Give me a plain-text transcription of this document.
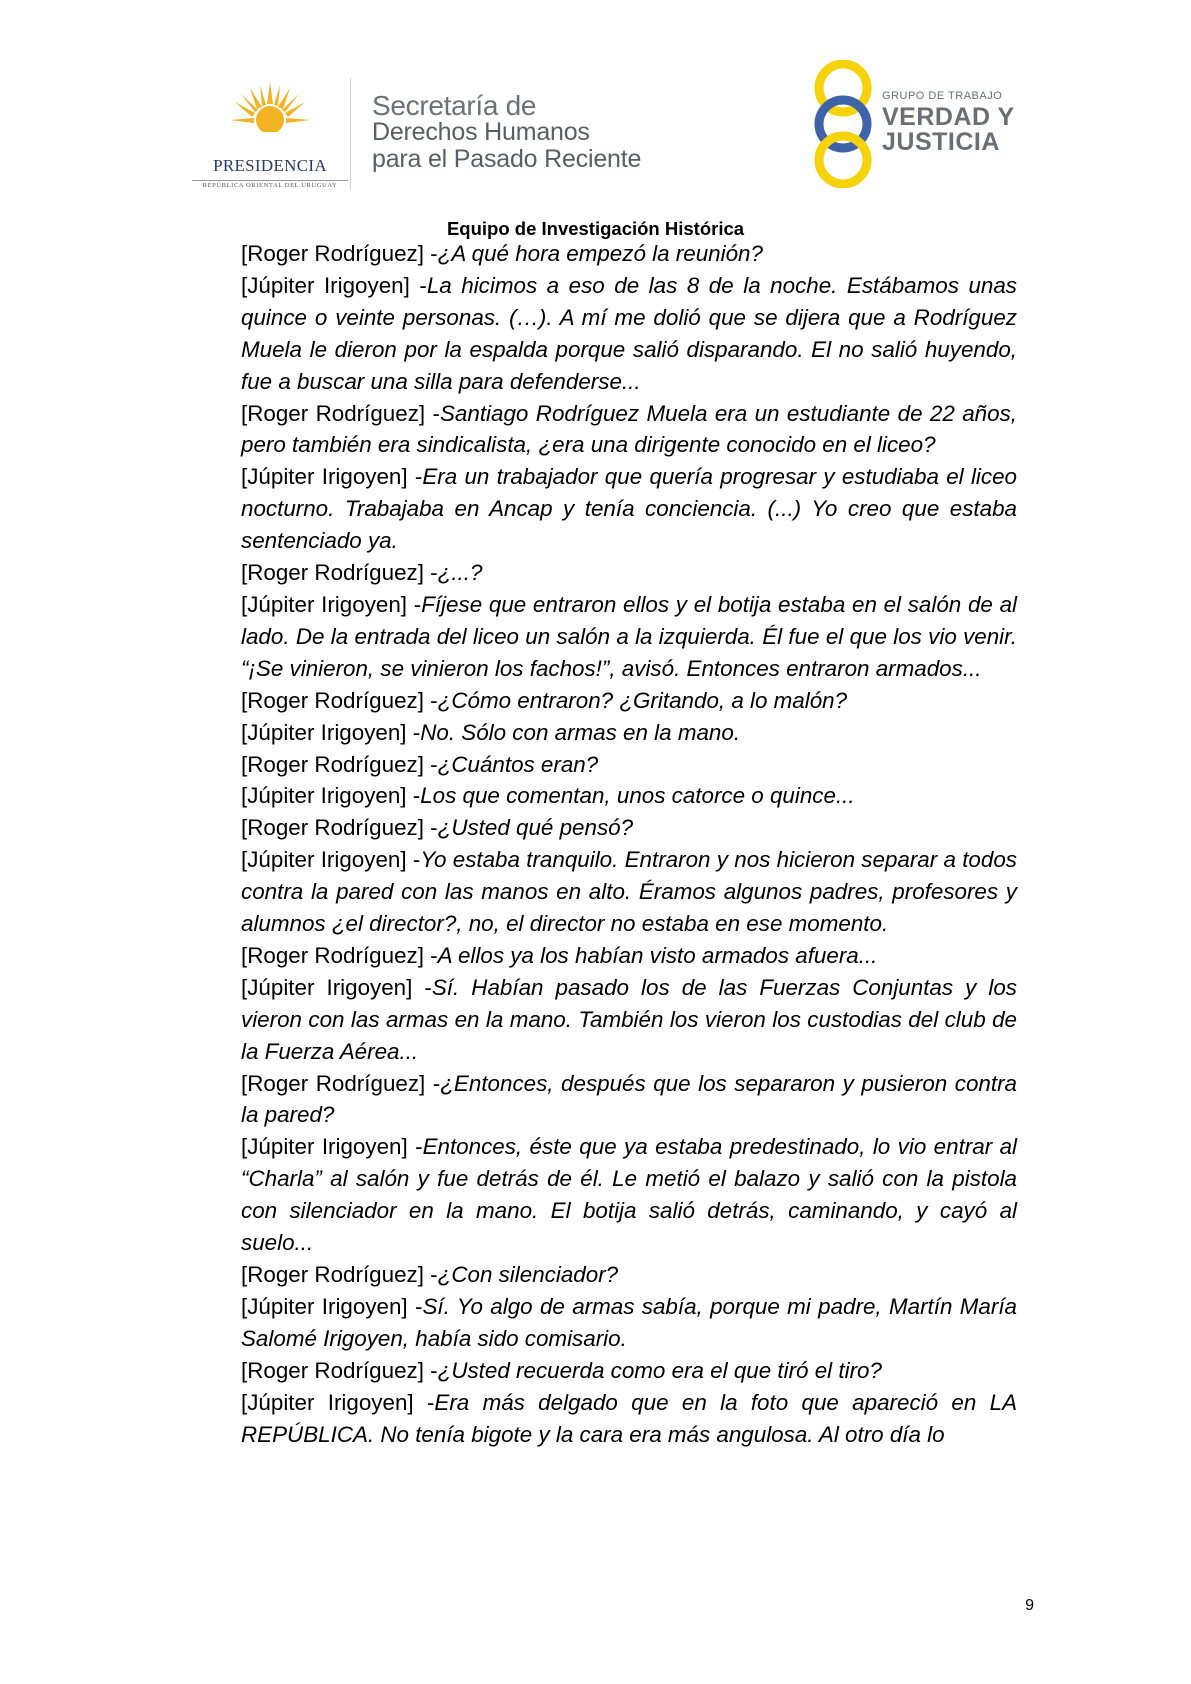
PRESIDENCIA
REPÚBLICA ORIENTAL DEL URUGUAY
Secretaría de
Derechos Humanos
para el Pasado Reciente
GRUPO DE TRABAJO
VERDAD Y
JUSTICIA
Equipo de Investigación Histórica

[Roger Rodríguez] -¿A qué hora empezó la reunión?

[Júpiter Irigoyen] -La hicimos a eso de las 8 de la noche. Estábamos unas quince o veinte personas. (…). A mí me dolió que se dijera que a Rodríguez Muela le dieron por la espalda porque salió disparando. El no salió huyendo, fue a buscar una silla para defenderse...

[Roger Rodríguez] -Santiago Rodríguez Muela era un estudiante de 22 años, pero también era sindicalista, ¿era una dirigente conocido en el liceo?

[Júpiter Irigoyen] -Era un trabajador que quería progresar y estudiaba el liceo nocturno. Trabajaba en Ancap y tenía conciencia. (...) Yo creo que estaba sentenciado ya.

[Roger Rodríguez] -¿...?

[Júpiter Irigoyen] -Fíjese que entraron ellos y el botija estaba en el salón de al lado. De la entrada del liceo un salón a la izquierda. Él fue el que los vio venir. “¡Se vinieron, se vinieron los fachos!”, avisó. Entonces entraron armados...

[Roger Rodríguez] -¿Cómo entraron? ¿Gritando, a lo malón?

[Júpiter Irigoyen] -No. Sólo con armas en la mano.

[Roger Rodríguez] -¿Cuántos eran?

[Júpiter Irigoyen] -Los que comentan, unos catorce o quince...

[Roger Rodríguez] -¿Usted qué pensó?

[Júpiter Irigoyen] -Yo estaba tranquilo. Entraron y nos hicieron separar a todos contra la pared con las manos en alto. Éramos algunos padres, profesores y alumnos ¿el director?, no, el director no estaba en ese momento.

[Roger Rodríguez] -A ellos ya los habían visto armados afuera...

[Júpiter Irigoyen] -Sí. Habían pasado los de las Fuerzas Conjuntas y los vieron con las armas en la mano. También los vieron los custodias del club de la Fuerza Aérea...

[Roger Rodríguez] -¿Entonces, después que los separaron y pusieron contra la pared?

[Júpiter Irigoyen] -Entonces, éste que ya estaba predestinado, lo vio entrar al “Charla” al salón y fue detrás de él. Le metió el balazo y salió con la pistola con silenciador en la mano. El botija salió detrás, caminando, y cayó al suelo...

[Roger Rodríguez] -¿Con silenciador?

[Júpiter Irigoyen] -Sí. Yo algo de armas sabía, porque mi padre, Martín María Salomé Irigoyen, había sido comisario.

[Roger Rodríguez] -¿Usted recuerda como era el que tiró el tiro?

[Júpiter Irigoyen] -Era más delgado que en la foto que apareció en LA REPÚBLICA. No tenía bigote y la cara era más angulosa. Al otro día lo

9
